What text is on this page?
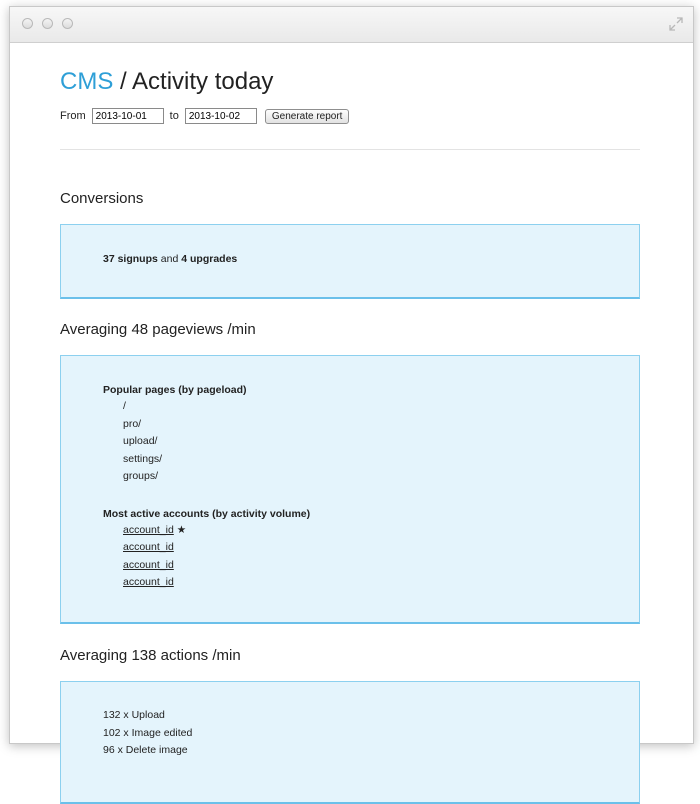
CMS / Activity today
From
2013-10-01	to
2013-10-02	Generate report
Conversions
37 signups and 4 upgrades
Averaging 48 pageviews /min
Popular pages (by pageload)
/
pro/
upload/
settings/
groups/
Most active accounts (by activity volume)
account_id ★
account_id
account_id
account_id
Averaging 138 actions /min
132 x Upload
102 x Image edited
96 x Delete image
